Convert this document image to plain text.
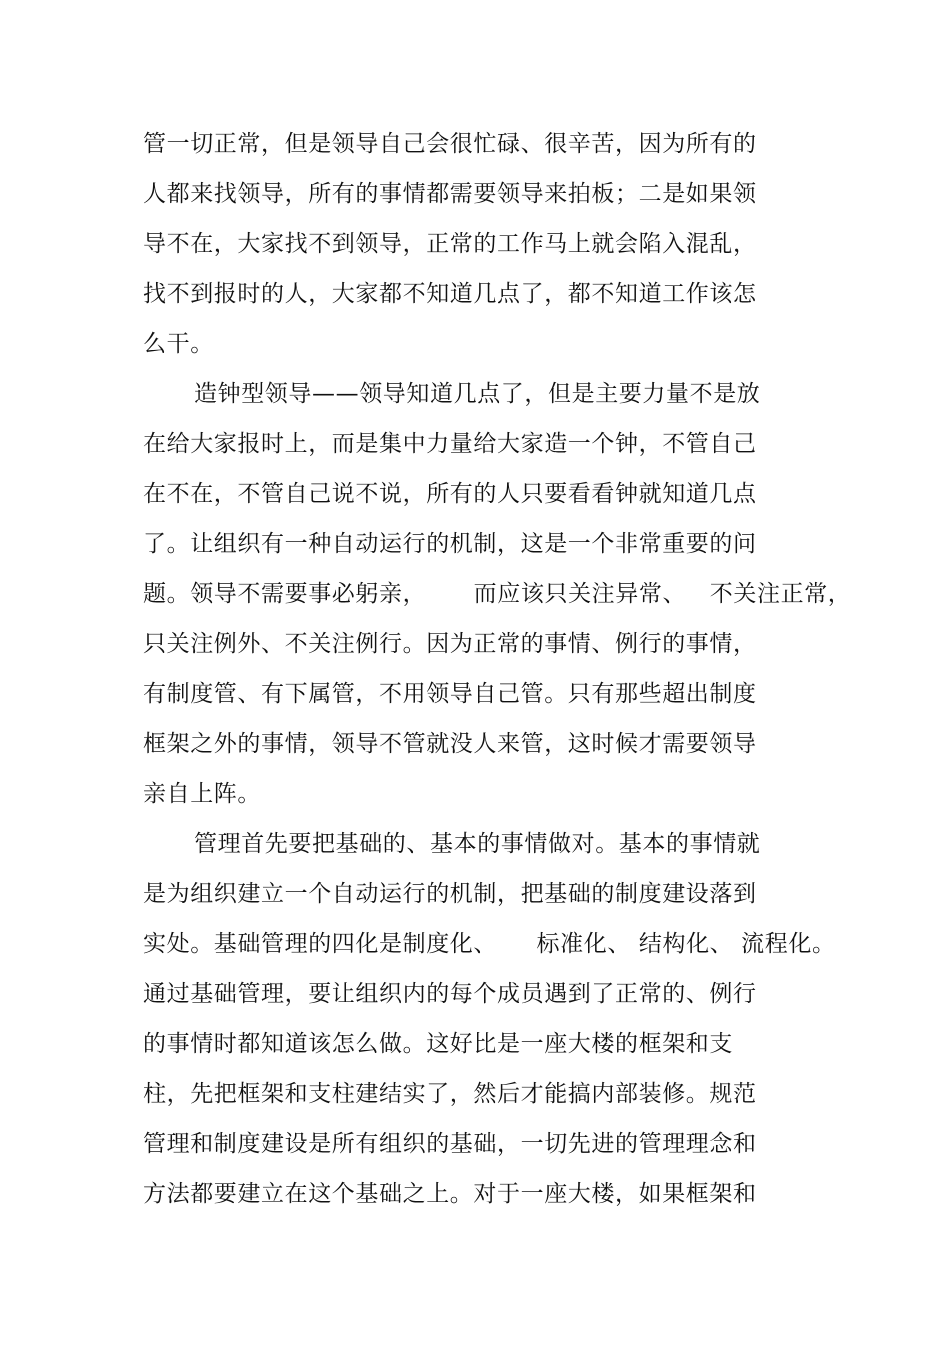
管一切正常，但是领导自己会很忙碌、很辛苦，因为所有的
人都来找领导，所有的事情都需要领导来拍板；二是如果领
导不在，大家找不到领导，正常的工作马上就会陷入混乱，
找不到报时的人，大家都不知道几点了，都不知道工作该怎
么干。
造钟型领导——领导知道几点了，但是主要力量不是放
在给大家报时上，而是集中力量给大家造一个钟，不管自己
在不在，不管自己说不说，所有的人只要看看钟就知道几点
了。让组织有一种自动运行的机制，这是一个非常重要的问
题。领导不需要事必躬亲，      而应该只关注异常、   不关注正常，
只关注例外、不关注例行。因为正常的事情、例行的事情，
有制度管、有下属管，不用领导自己管。只有那些超出制度
框架之外的事情，领导不管就没人来管，这时候才需要领导
亲自上阵。
管理首先要把基础的、基本的事情做对。基本的事情就
是为组织建立一个自动运行的机制，把基础的制度建设落到
实处。基础管理的四化是制度化、     标准化、 结构化、 流程化。
通过基础管理，要让组织内的每个成员遇到了正常的、例行
的事情时都知道该怎么做。这好比是一座大楼的框架和支
柱，先把框架和支柱建结实了，然后才能搞内部装修。规范
管理和制度建设是所有组织的基础，一切先进的管理理念和
方法都要建立在这个基础之上。对于一座大楼，如果框架和
